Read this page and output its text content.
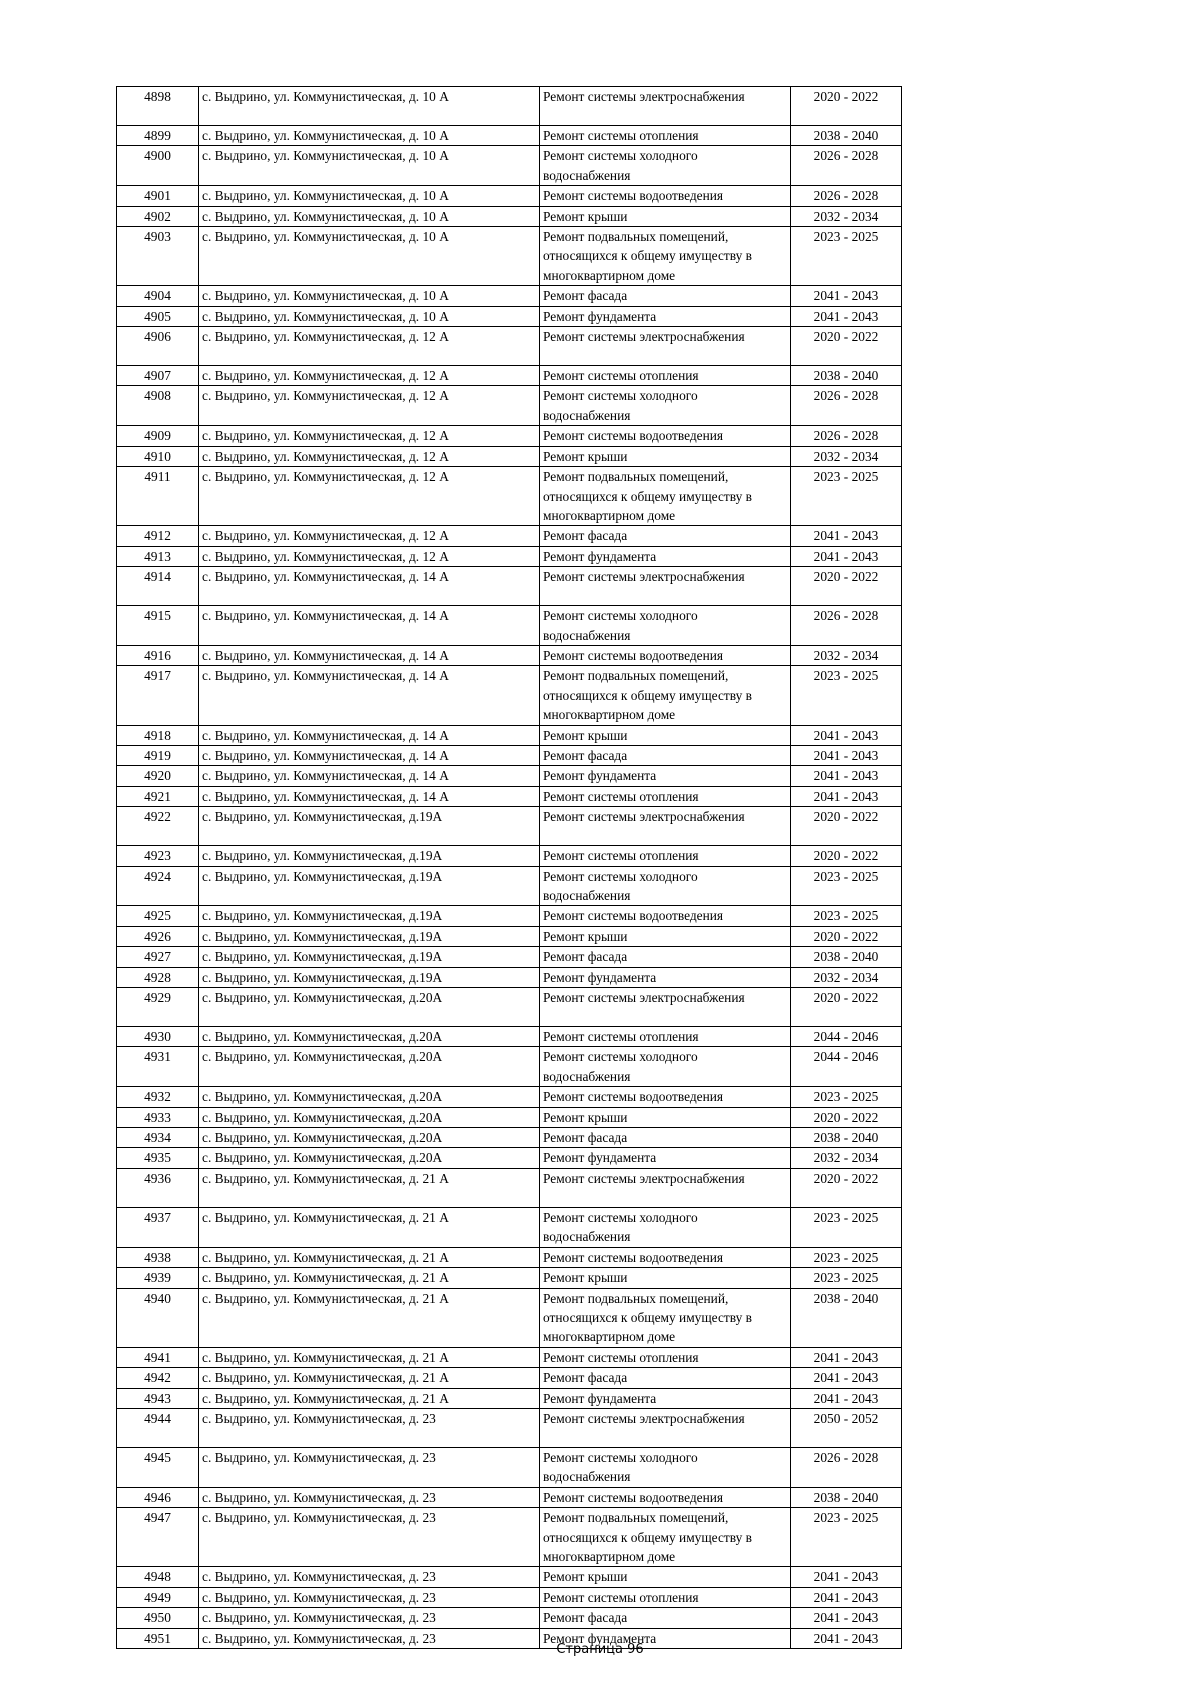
4898	с. Выдрино, ул. Коммунистическая, д. 10 А	Ремонт системы электроснабжения	2020 - 2022
4899	с. Выдрино, ул. Коммунистическая, д. 10 А	Ремонт системы отопления	2038 - 2040
4900	с. Выдрино, ул. Коммунистическая, д. 10 А	Ремонт системы холодного водоснабжения	2026 - 2028
4901	с. Выдрино, ул. Коммунистическая, д. 10 А	Ремонт системы водоотведения	2026 - 2028
4902	с. Выдрино, ул. Коммунистическая, д. 10 А	Ремонт крыши	2032 - 2034
4903	с. Выдрино, ул. Коммунистическая, д. 10 А	Ремонт подвальных помещений, относящихся к общему имуществу в многоквартирном доме	2023 - 2025
4904	с. Выдрино, ул. Коммунистическая, д. 10 А	Ремонт фасада	2041 - 2043
4905	с. Выдрино, ул. Коммунистическая, д. 10 А	Ремонт фундамента	2041 - 2043
4906	с. Выдрино, ул. Коммунистическая, д. 12 А	Ремонт системы электроснабжения	2020 - 2022
4907	с. Выдрино, ул. Коммунистическая, д. 12 А	Ремонт системы отопления	2038 - 2040
4908	с. Выдрино, ул. Коммунистическая, д. 12 А	Ремонт системы холодного водоснабжения	2026 - 2028
4909	с. Выдрино, ул. Коммунистическая, д. 12 А	Ремонт системы водоотведения	2026 - 2028
4910	с. Выдрино, ул. Коммунистическая, д. 12 А	Ремонт крыши	2032 - 2034
4911	с. Выдрино, ул. Коммунистическая, д. 12 А	Ремонт подвальных помещений, относящихся к общему имуществу в многоквартирном доме	2023 - 2025
4912	с. Выдрино, ул. Коммунистическая, д. 12 А	Ремонт фасада	2041 - 2043
4913	с. Выдрино, ул. Коммунистическая, д. 12 А	Ремонт фундамента	2041 - 2043
4914	с. Выдрино, ул. Коммунистическая, д. 14 А	Ремонт системы электроснабжения	2020 - 2022
4915	с. Выдрино, ул. Коммунистическая, д. 14 А	Ремонт системы холодного водоснабжения	2026 - 2028
4916	с. Выдрино, ул. Коммунистическая, д. 14 А	Ремонт системы водоотведения	2032 - 2034
4917	с. Выдрино, ул. Коммунистическая, д. 14 А	Ремонт подвальных помещений, относящихся к общему имуществу в многоквартирном доме	2023 - 2025
4918	с. Выдрино, ул. Коммунистическая, д. 14 А	Ремонт крыши	2041 - 2043
4919	с. Выдрино, ул. Коммунистическая, д. 14 А	Ремонт фасада	2041 - 2043
4920	с. Выдрино, ул. Коммунистическая, д. 14 А	Ремонт фундамента	2041 - 2043
4921	с. Выдрино, ул. Коммунистическая, д. 14 А	Ремонт системы отопления	2041 - 2043
4922	с. Выдрино, ул. Коммунистическая, д.19А	Ремонт системы электроснабжения	2020 - 2022
4923	с. Выдрино, ул. Коммунистическая, д.19А	Ремонт системы отопления	2020 - 2022
4924	с. Выдрино, ул. Коммунистическая, д.19А	Ремонт системы холодного водоснабжения	2023 - 2025
4925	с. Выдрино, ул. Коммунистическая, д.19А	Ремонт системы водоотведения	2023 - 2025
4926	с. Выдрино, ул. Коммунистическая, д.19А	Ремонт крыши	2020 - 2022
4927	с. Выдрино, ул. Коммунистическая, д.19А	Ремонт фасада	2038 - 2040
4928	с. Выдрино, ул. Коммунистическая, д.19А	Ремонт фундамента	2032 - 2034
4929	с. Выдрино, ул. Коммунистическая, д.20А	Ремонт системы электроснабжения	2020 - 2022
4930	с. Выдрино, ул. Коммунистическая, д.20А	Ремонт системы отопления	2044 - 2046
4931	с. Выдрино, ул. Коммунистическая, д.20А	Ремонт системы холодного водоснабжения	2044 - 2046
4932	с. Выдрино, ул. Коммунистическая, д.20А	Ремонт системы водоотведения	2023 - 2025
4933	с. Выдрино, ул. Коммунистическая, д.20А	Ремонт крыши	2020 - 2022
4934	с. Выдрино, ул. Коммунистическая, д.20А	Ремонт фасада	2038 - 2040
4935	с. Выдрино, ул. Коммунистическая, д.20А	Ремонт фундамента	2032 - 2034
4936	с. Выдрино, ул. Коммунистическая, д. 21 А	Ремонт системы электроснабжения	2020 - 2022
4937	с. Выдрино, ул. Коммунистическая, д. 21 А	Ремонт системы холодного водоснабжения	2023 - 2025
4938	с. Выдрино, ул. Коммунистическая, д. 21 А	Ремонт системы водоотведения	2023 - 2025
4939	с. Выдрино, ул. Коммунистическая, д. 21 А	Ремонт крыши	2023 - 2025
4940	с. Выдрино, ул. Коммунистическая, д. 21 А	Ремонт подвальных помещений, относящихся к общему имуществу в многоквартирном доме	2038 - 2040
4941	с. Выдрино, ул. Коммунистическая, д. 21 А	Ремонт системы отопления	2041 - 2043
4942	с. Выдрино, ул. Коммунистическая, д. 21 А	Ремонт фасада	2041 - 2043
4943	с. Выдрино, ул. Коммунистическая, д. 21 А	Ремонт фундамента	2041 - 2043
4944	с. Выдрино, ул. Коммунистическая, д. 23	Ремонт системы электроснабжения	2050 - 2052
4945	с. Выдрино, ул. Коммунистическая, д. 23	Ремонт системы холодного водоснабжения	2026 - 2028
4946	с. Выдрино, ул. Коммунистическая, д. 23	Ремонт системы водоотведения	2038 - 2040
4947	с. Выдрино, ул. Коммунистическая, д. 23	Ремонт подвальных помещений, относящихся к общему имуществу в многоквартирном доме	2023 - 2025
4948	с. Выдрино, ул. Коммунистическая, д. 23	Ремонт крыши	2041 - 2043
4949	с. Выдрино, ул. Коммунистическая, д. 23	Ремонт системы отопления	2041 - 2043
4950	с. Выдрино, ул. Коммунистическая, д. 23	Ремонт фасада	2041 - 2043
4951	с. Выдрино, ул. Коммунистическая, д. 23	Ремонт фундамента	2041 - 2043
Страница 96
